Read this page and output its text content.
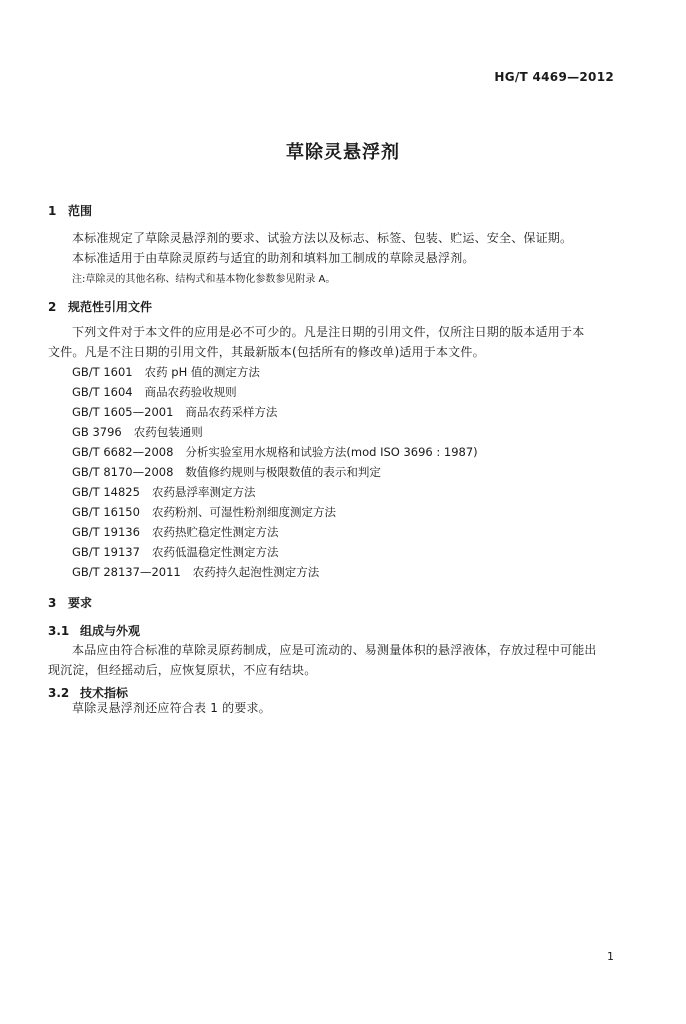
HG/T 4469—2012
草除灵悬浮剂
1 范围
本标准规定了草除灵悬浮剂的要求、试验方法以及标志、标签、包装、贮运、安全、保证期。
本标准适用于由草除灵原药与适宜的助剂和填料加工制成的草除灵悬浮剂。
注:草除灵的其他名称、结构式和基本物化参数参见附录 A。
2 规范性引用文件
下列文件对于本文件的应用是必不可少的。凡是注日期的引用文件，仅所注日期的版本适用于本
文件。凡是不注日期的引用文件，其最新版本(包括所有的修改单)适用于本文件。
GB/T 1601 农药 pH 值的测定方法
GB/T 1604 商品农药验收规则
GB/T 1605—2001 商品农药采样方法
GB 3796 农药包装通则
GB/T 6682—2008 分析实验室用水规格和试验方法(mod ISO 3696 : 1987)
GB/T 8170—2008 数值修约规则与极限数值的表示和判定
GB/T 14825 农药悬浮率测定方法
GB/T 16150 农药粉剂、可湿性粉剂细度测定方法
GB/T 19136 农药热贮稳定性测定方法
GB/T 19137 农药低温稳定性测定方法
GB/T 28137—2011 农药持久起泡性测定方法
3 要求
3.1 组成与外观
本品应由符合标准的草除灵原药制成，应是可流动的、易测量体积的悬浮液体，存放过程中可能出
现沉淀，但经摇动后，应恢复原状，不应有结块。
3.2 技术指标
草除灵悬浮剂还应符合表 1 的要求。
1
